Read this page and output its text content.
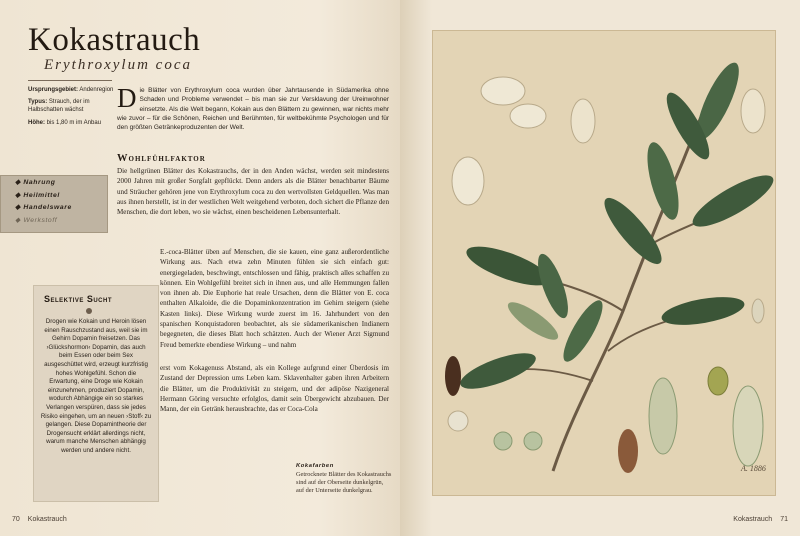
Kokastrauch
Erythroxylum coca

Ursprungsgebiet: Andenregion

Typus: Strauch, der im Halbschatten wächst

Höhe: bis 1,80 m im Anbau

Die Blätter von Erythroxylum coca wurden über Jahrtausende in Südamerika ohne Schaden und Probleme verwendet – bis man sie zur Versklavung der Ureinwohner einsetzte. Als die Welt begann, Kokain aus den Blättern zu gewinnen, war nichts mehr wie zuvor – für die Schönen, Reichen und Berühmten, für weltbekühmte Psychologen und für den größten Getränkeproduzenten der Welt.
Wohlfühlfaktor
Die hellgrünen Blätter des Kokastrauchs, der in den Anden wächst, werden seit mindestens 2000 Jahren mit großer Sorgfalt gepflückt. Denn anders als die Blätter benachbarter Bäume und Sträucher gehören jene von Erythroxylum coca zu den wertvollsten Geldquellen. Was man aus ihnen herstellt, ist in der westlichen Welt weitgehend verboten, doch sichert die Pflanze den Menschen, die dort leben, wo sie wächst, einen bescheidenen Lebensunterhalt.
E.-coca-Blätter üben auf Menschen, die sie kauen, eine ganz außerordentliche Wirkung aus. Nach etwa zehn Minuten fühlen sie sich einfach gut: energiegeladen, beschwingt, entschlossen und fähig, praktisch alles schaffen zu können. Ein Wohlgefühl breitet sich in ihnen aus, und alle Hemmungen fallen von ihnen ab. Die Euphorie hat reale Ursachen, denn die Blätter von E. coca enthalten Alkaloide, die die Dopaminkonzentration im Gehirn steigern (siehe Kasten links). Diese Wirkung wurde zuerst im 16. Jahrhundert von den spanischen Konquistadoren beobachtet, als sie südamerikanischen Indianern begegneten, die dieses Blatt hoch schätzten. Auch der Wiener Arzt Sigmund Freud bemerkte ebendiese Wirkung – und nahm
erst vom Kokagenuss Abstand, als ein Kollege aufgrund einer Überdosis im Zustand der Depression ums Leben kam. Sklavenhalter gaben ihren Arbeitern die Blätter, um die Produktivität zu steigern, und der adipöse Nazigeneral Hermann Göring versuchte erfolglos, damit sein Übergewicht abzubauen. Der Mann, der ein Getränk herausbrachte, das er Coca-Cola
◆ Nahrung
◆ Heilmittel
◆ Handelsware
◆ Werkstoff
Selektive Sucht
Drogen wie Kokain und Heroin lösen einen Rauschzustand aus, weil sie im Gehirn Dopamin freisetzen. Das ›Glückshormon‹ Dopamin, das auch beim Essen oder beim Sex ausgeschüttet wird, erzeugt kurzfristig hohes Wohlgefühl. Schon die Erwartung, eine Droge wie Kokain einzunehmen, produziert Dopamin, wodurch Abhängige ein so starkes Verlangen verspüren, dass sie jedes Risiko eingehen, um an neuen ›Stoff‹ zu gelangen. Diese Dopamintheorie der Drogensucht erklärt allerdings nicht, warum manche Menschen abhängig werden und andere nicht.
Kokafarben
Getrocknete Blätter des Kokastrauchs sind auf der Oberseite dunkelgrün, auf der Unterseite dunkelgrau.
70 Kokastrauch	Kokastrauch 71
A. 1886
